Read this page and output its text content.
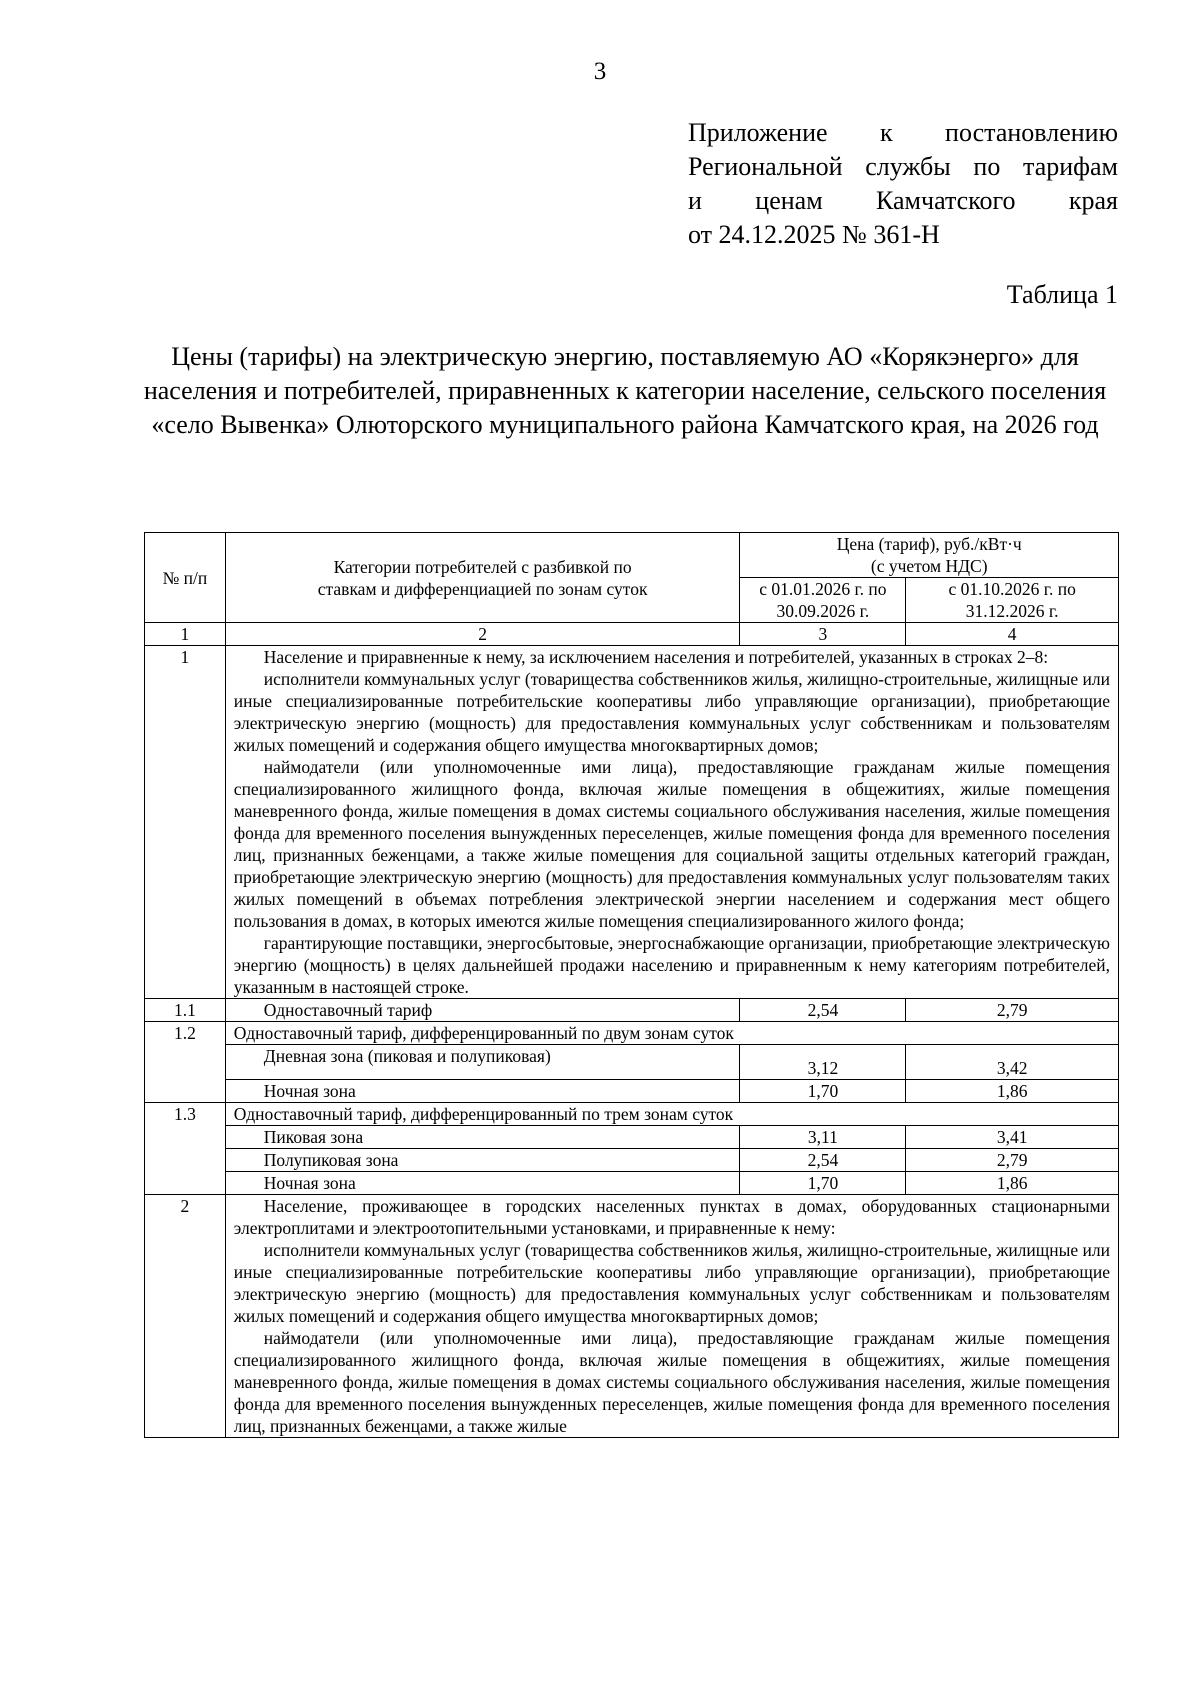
3
Приложение к постановлению
Региональной службы по тарифам
и ценам Камчатского края
от 24.12.2025 № 361-Н
Таблица 1
Цены (тарифы) на электрическую энергию, поставляемую АО «Корякэнерго» для населения и потребителей, приравненных к категории население, сельского поселения «село Вывенка» Олюторского муниципального района Камчатского края, на 2026 год
№ п/п	Категории потребителей с разбивкой по ставкам и дифференциацией по зонам суток	Цена (тариф), руб./кВт·ч (с учетом НДС)	

		с 01.01.2026 г. по 30.09.2026 г.	с 01.10.2026 г. по 31.12.2026 г.

1	2	3	4
1	Население и приравненные к нему, за исключением населения и потребителей, указанных в строках 2–8:

исполнители коммунальных услуг (товарищества собственников жилья, жилищно-строительные, жилищные или иные специализированные потребительские кооперативы либо управляющие организации), приобретающие электрическую энергию (мощность) для предоставления коммунальных услуг собственникам и пользователям жилых помещений и содержания общего имущества многоквартирных домов;

наймодатели (или уполномоченные ими лица), предоставляющие гражданам жилые помещения специализированного жилищного фонда, включая жилые помещения в общежитиях, жилые помещения маневренного фонда, жилые помещения в домах системы социального обслуживания населения, жилые помещения фонда для временного поселения вынужденных переселенцев, жилые помещения фонда для временного поселения лиц, признанных беженцами, а также жилые помещения для социальной защиты отдельных категорий граждан, приобретающие электрическую энергию (мощность) для предоставления коммунальных услуг пользователям таких жилых помещений в объемах потребления электрической энергии населением и содержания мест общего пользования в домах, в которых имеются жилые помещения специализированного жилого фонда;

гарантирующие поставщики, энергосбытовые, энергоснабжающие организации, приобретающие электрическую энергию (мощность) в целях дальнейшей продажи населению и приравненным к нему категориям потребителей, указанным в настоящей строке.		

1.1	Одноставочный тариф	2,54	2,79
1.2	Одноставочный тариф, дифференцированный по двум зонам суток		
	Дневная зона (пиковая и полупиковая)	3,12	3,42
	Ночная зона	1,70	1,86
1.3	Одноставочный тариф, дифференцированный по трем зонам суток		
	Пиковая зона	3,11	3,41
	Полупиковая зона	2,54	2,79
	Ночная зона	1,70	1,86
2	Население, проживающее в городских населенных пунктах в домах, оборудованных стационарными электроплитами и электроотопительными установками, и приравненные к нему:

исполнители коммунальных услуг (товарищества собственников жилья, жилищно-строительные, жилищные или иные специализированные потребительские кооперативы либо управляющие организации), приобретающие электрическую энергию (мощность) для предоставления коммунальных услуг собственникам и пользователям жилых помещений и содержания общего имущества многоквартирных домов;

наймодатели (или уполномоченные ими лица), предоставляющие гражданам жилые помещения специализированного жилищного фонда, включая жилые помещения в общежитиях, жилые помещения маневренного фонда, жилые помещения в домах системы социального обслуживания населения, жилые помещения фонда для временного поселения вынужденных переселенцев, жилые помещения фонда для временного поселения лиц, признанных беженцами, а также жилые		
